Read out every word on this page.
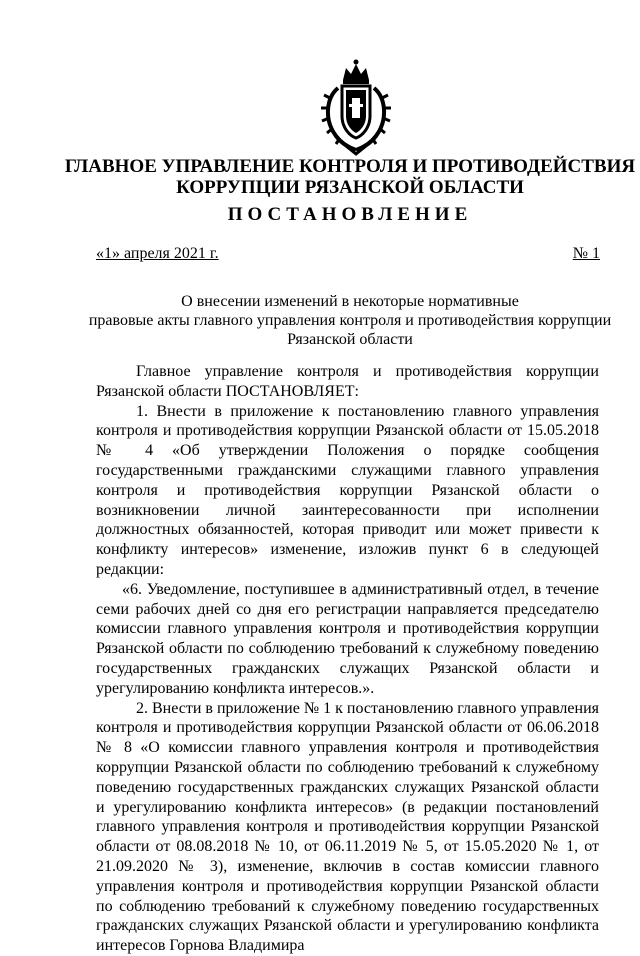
ГЛАВНОЕ УПРАВЛЕНИЕ КОНТРОЛЯ И ПРОТИВОДЕЙСТВИЯ
КОРРУПЦИИ РЯЗАНСКОЙ ОБЛАСТИ
ПОСТАНОВЛЕНИЕ
«1» апреля 2021 г.	№ 1
О внесении изменений в некоторые нормативные
правовые акты главного управления контроля и противодействия коррупции
Рязанской области

Главное управление контроля и противодействия коррупции Рязанской области ПОСТАНОВЛЯЕТ:

1. Внести в приложение к постановлению главного управления контроля и противодействия коррупции Рязанской области от 15.05.2018 № 4 «Об утверждении Положения о порядке сообщения государственными гражданскими служащими главного управления контроля и противодействия коррупции Рязанской области о возникновении личной заинтересованности при исполнении должностных обязанностей, которая приводит или может привести к конфликту интересов» изменение, изложив пункт 6 в следующей редакции:

«6. Уведомление, поступившее в административный отдел, в течение семи рабочих дней со дня его регистрации направляется председателю комиссии главного управления контроля и противодействия коррупции Рязанской области по соблюдению требований к служебному поведению государственных гражданских служащих Рязанской области и урегулированию конфликта интересов.».

2. Внести в приложение № 1 к постановлению главного управления контроля и противодействия коррупции Рязанской области от 06.06.2018 № 8 «О комиссии главного управления контроля и противодействия коррупции Рязанской области по соблюдению требований к служебному поведению государственных гражданских служащих Рязанской области и урегулированию конфликта интересов» (в редакции постановлений главного управления контроля и противодействия коррупции Рязанской области от 08.08.2018 № 10, от 06.11.2019 № 5, от 15.05.2020 № 1, от 21.09.2020 № 3), изменение, включив в состав комиссии главного управления контроля и противодействия коррупции Рязанской области по соблюдению требований к служебному поведению государственных гражданских служащих Рязанской области и урегулированию конфликта интересов Горнова Владимира
